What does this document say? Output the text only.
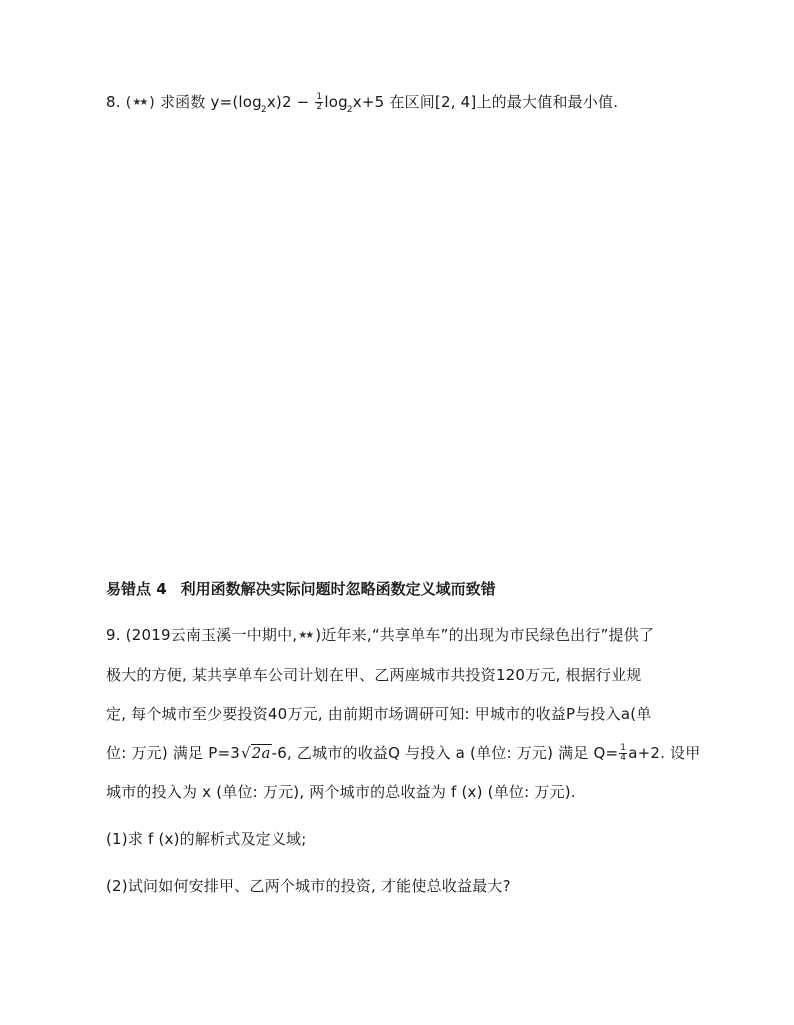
8. (★★ ) 求函数 $y=(\log_2x)2 - \frac{1}{2} \log_2x+5$ 在区间[2, 4]上的最大值和最小值.
易错点 4 利用函数解决实际问题时忽略函数定义域而致错
9. (2019云南玉溪一中期中,★★ )近年来,“共享单车”的出现为市民绿色出行”提供了
极大的方便, 某共享单车公司计划在甲、乙两座城市共投资120万元, 根据行业规
定, 每个城市至少要投资40万元, 由前期市场调研可知: 甲城市的收益P与投入a(单
位: 万元) 满足 P=3√2a-6, 乙城市的收益Q 与投入 a (单位: 万元) 满足 $Q= \frac{1}{4} a+2$. 设甲
城市的投入为 x (单位: 万元), 两个城市的总收益为 f (x) (单位: 万元).
(1)求 f (x)的解析式及定义域;
(2)试问如何安排甲、乙两个城市的投资, 才能使总收益最大?
